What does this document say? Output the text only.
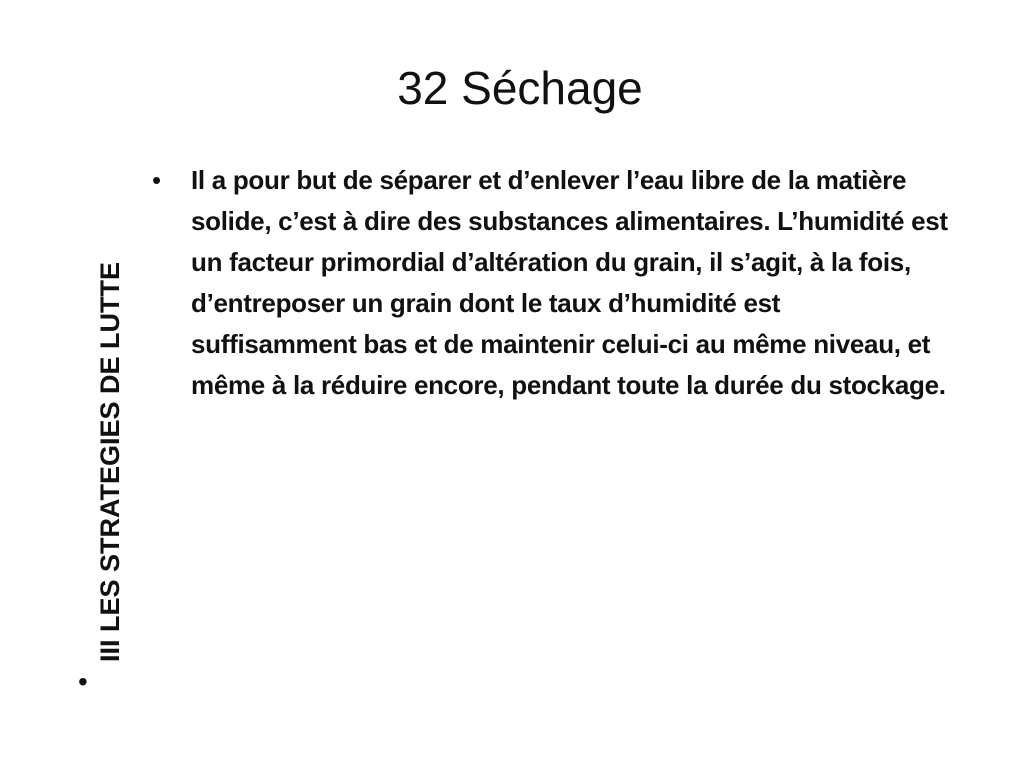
32 Séchage
III LES STRATEGIES DE LUTTE
•
• Il a pour but de séparer et d’enlever l’eau libre de la matière solide, c’est à dire des substances alimentaires. L’humidité est un facteur primordial d’altération du grain, il s’agit, à la fois, d’entreposer un grain dont le taux d’humidité est suffisamment bas et de maintenir celui-ci au même niveau, et même à la réduire encore, pendant toute la durée du stockage.
